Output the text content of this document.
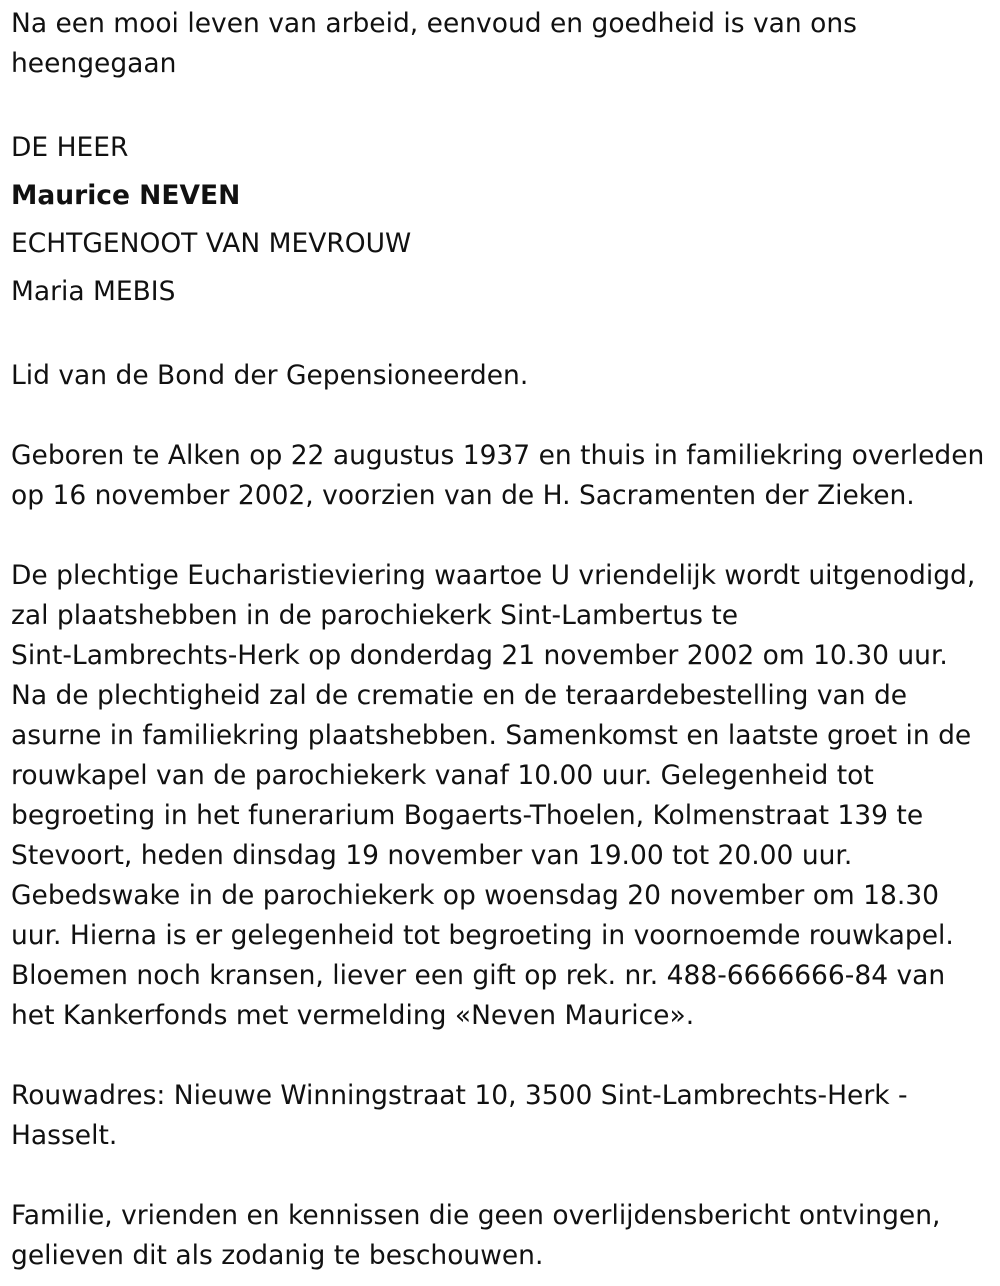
Na een mooi leven van arbeid, eenvoud en goedheid is van ons

heengegaan

DE HEER

Maurice NEVEN

ECHTGENOOT VAN MEVROUW

Maria MEBIS

Lid van de Bond der Gepensioneerden.

Geboren te Alken op 22 augustus 1937 en thuis in familiekring overleden

op 16 november 2002, voorzien van de H. Sacramenten der Zieken.

De plechtige Eucharistieviering waartoe U vriendelijk wordt uitgenodigd,

zal plaatshebben in de parochiekerk Sint-Lambertus te

Sint-Lambrechts-Herk op donderdag 21 november 2002 om 10.30 uur.

Na de plechtigheid zal de crematie en de teraardebestelling van de

asurne in familiekring plaatshebben. Samenkomst en laatste groet in de

rouwkapel van de parochiekerk vanaf 10.00 uur. Gelegenheid tot

begroeting in het funerarium Bogaerts-Thoelen, Kolmenstraat 139 te

Stevoort, heden dinsdag 19 november van 19.00 tot 20.00 uur.

Gebedswake in de parochiekerk op woensdag 20 november om 18.30

uur. Hierna is er gelegenheid tot begroeting in voornoemde rouwkapel.

Bloemen noch kransen, liever een gift op rek. nr. 488-6666666-84 van

het Kankerfonds met vermelding «Neven Maurice».

Rouwadres: Nieuwe Winningstraat 10, 3500 Sint-Lambrechts-Herk -

Hasselt.

Familie, vrienden en kennissen die geen overlijdensbericht ontvingen,

gelieven dit als zodanig te beschouwen.
